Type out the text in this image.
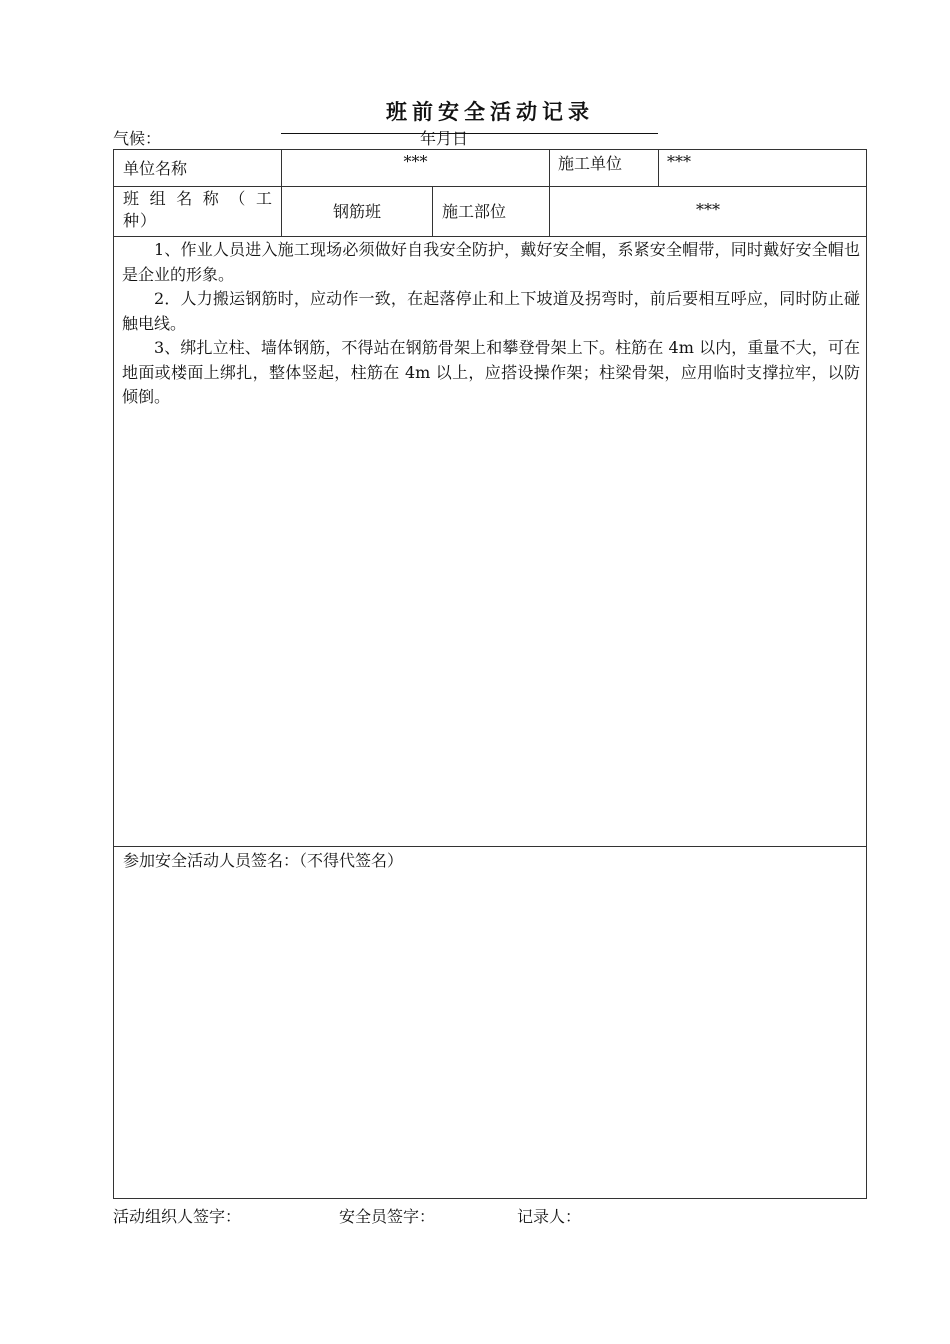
班前安全活动记录
气候：	年月日
单位名称	***	施工单位	***
班 组 名 称 （ 工 种）	钢筋班	施工部位	***

1、作业人员进入施工现场必须做好自我安全防护，戴好安全帽，系紧安全帽带，同时戴好安全帽也是企业的形象。

2．人力搬运钢筋时，应动作一致，在起落停止和上下坡道及拐弯时，前后要相互呼应，同时防止碰触电线。

3、绑扎立柱、墙体钢筋，不得站在钢筋骨架上和攀登骨架上下。柱筋在 4m 以内，重量不大，可在地面或楼面上绑扎，整体竖起，柱筋在 4m 以上，应搭设操作架；柱梁骨架，应用临时支撑拉牢，以防倾倒。

参加安全活动人员签名：（不得代签名）
活动组织人签字：	安全员签字：	记录人：
